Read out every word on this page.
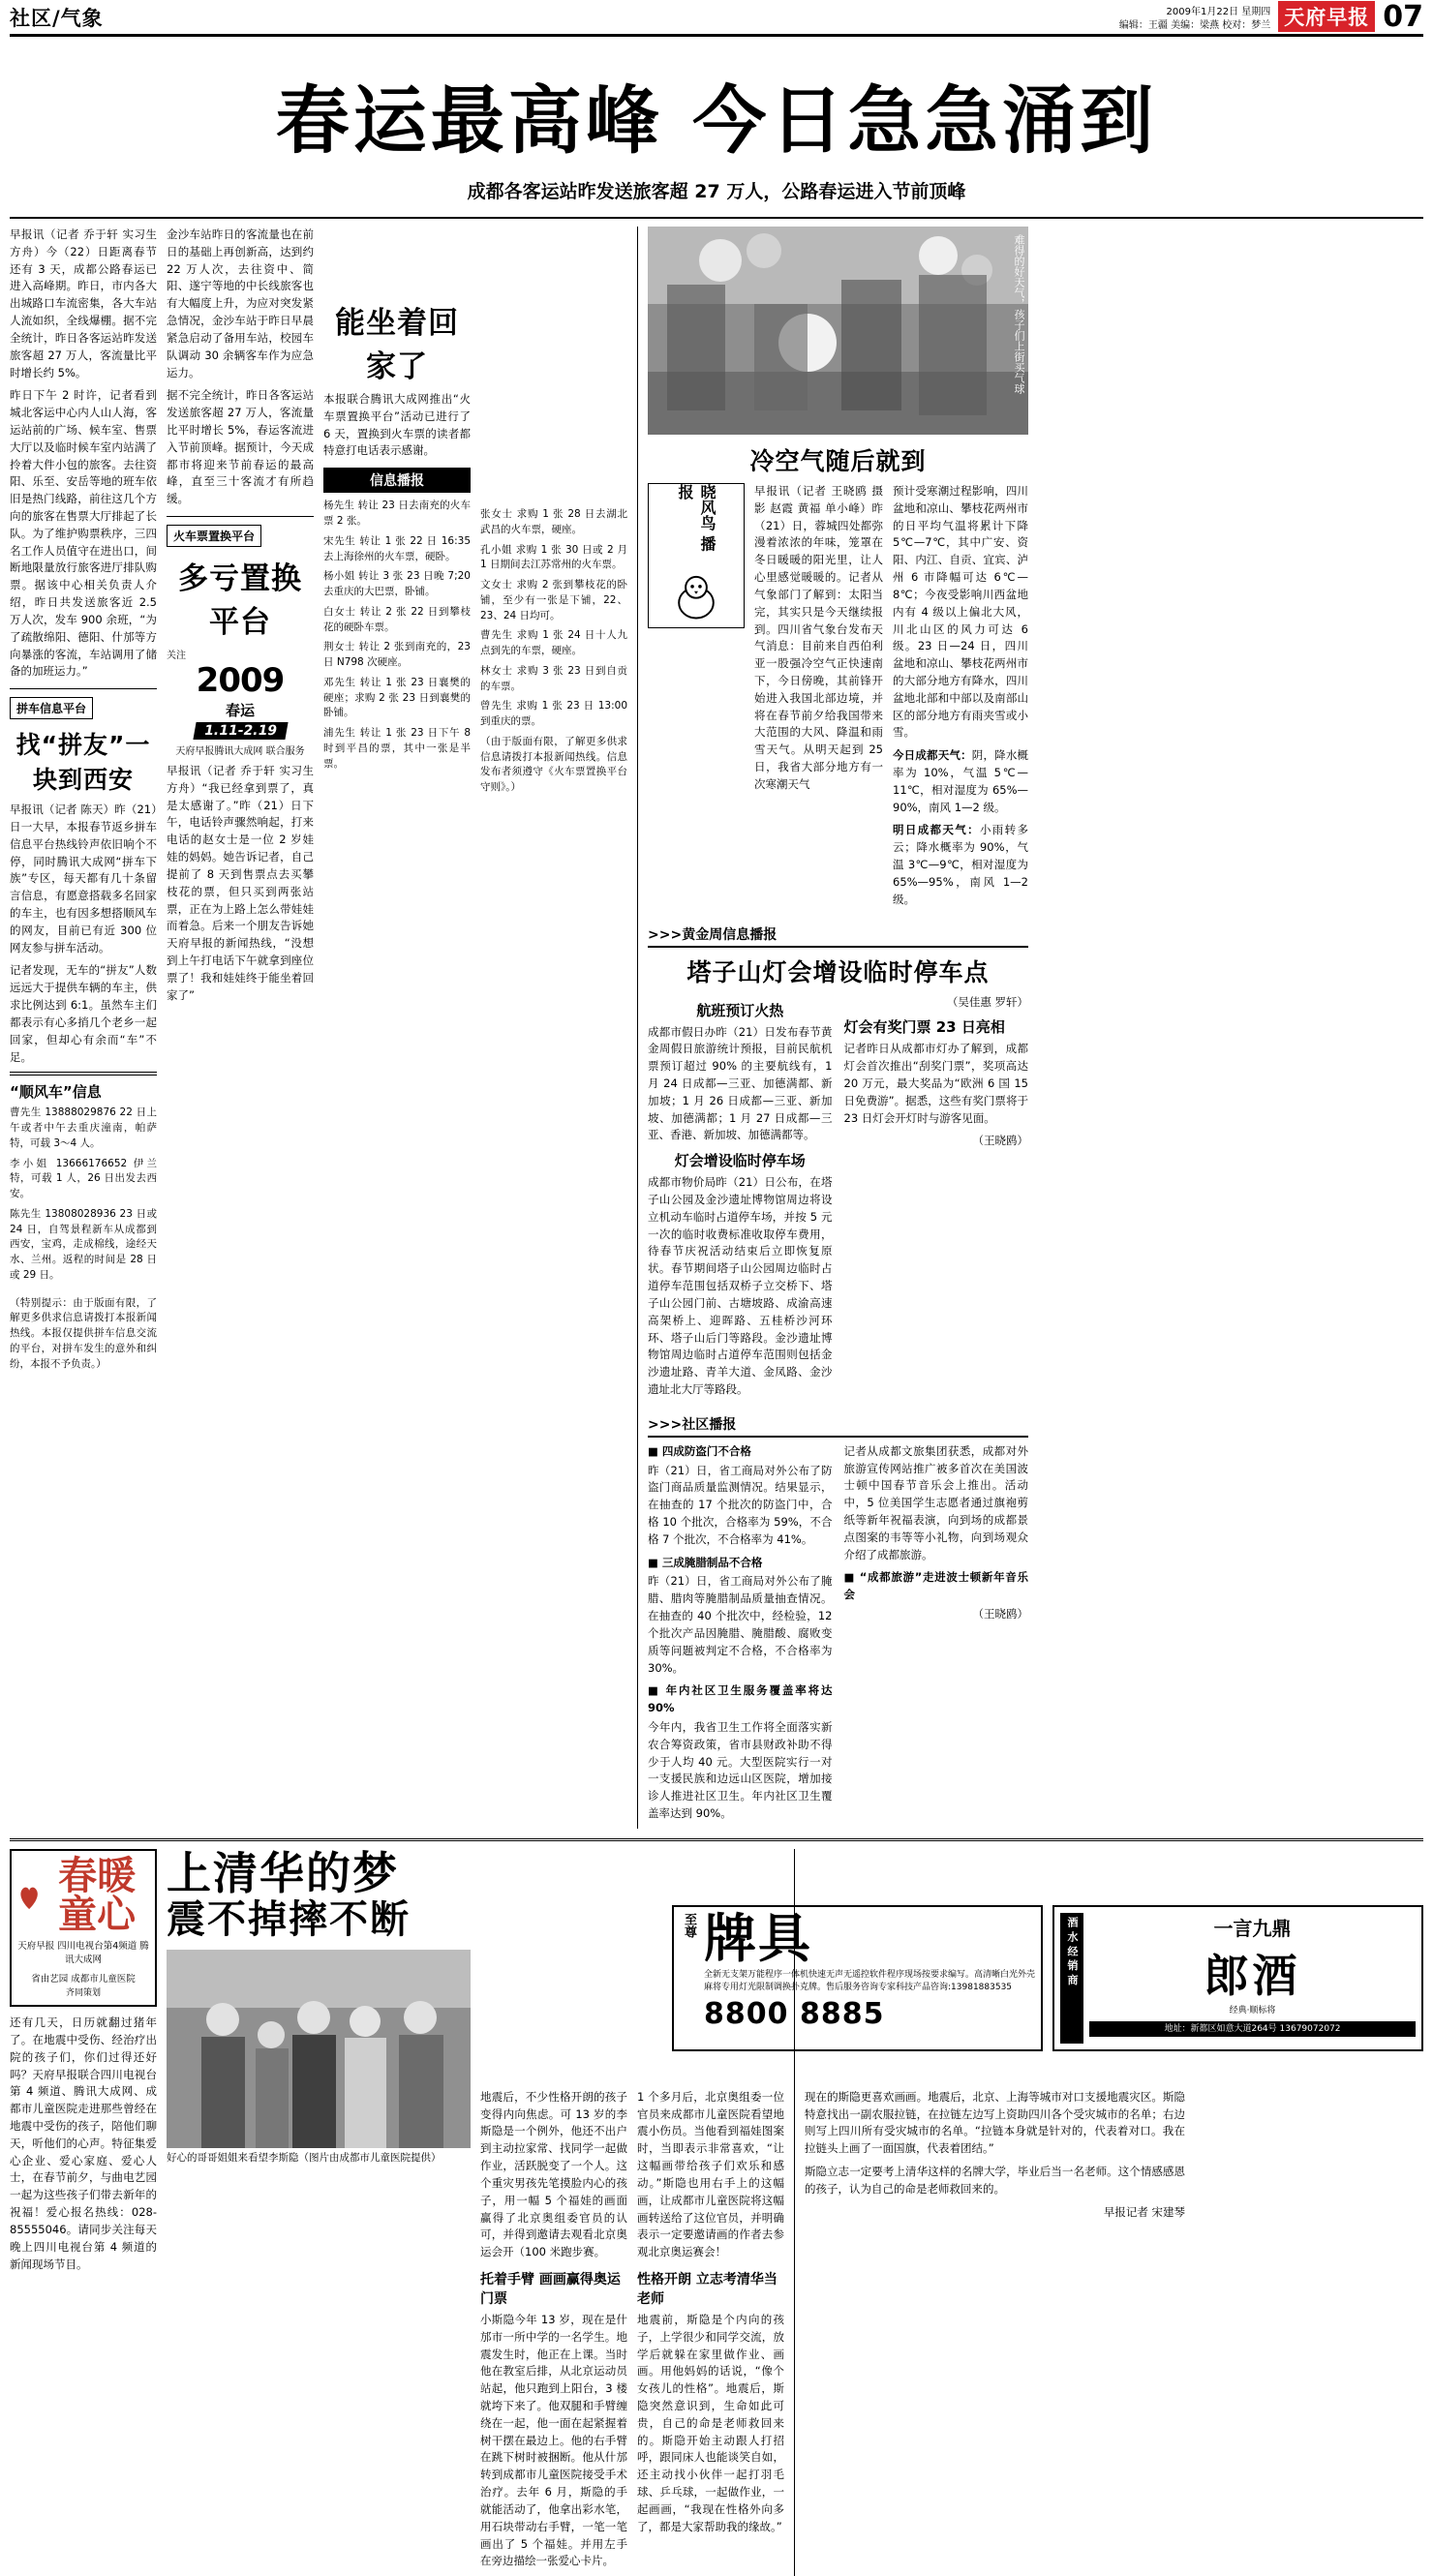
社区/气象	2009年1月22日 星期四
编辑：王疆 美编：梁燕 校对：梦兰 天府早报 07
春运最高峰 今日急急涌到
成都各客运站昨发送旅客超 27 万人，公路春运进入节前顶峰

早报讯（记者 乔于轩 实习生 方舟）今（22）日距离春节还有 3 天，成都公路春运已进入高峰期。昨日，市内各大出城路口车流密集，各大车站人流如织，全线爆棚。据不完全统计，昨日各客运站昨发送旅客超 27 万人，客流量比平时增长约 5%。

昨日下午 2 时许，记者看到城北客运中心内人山人海，客运站前的广场、候车室、售票大厅以及临时候车室内站满了拎着大件小包的旅客。去往资阳、乐至、安岳等地的班车依旧是热门线路，前往这几个方向的旅客在售票大厅排起了长队。为了维护购票秩序，三四名工作人员值守在进出口，间断地限量放行旅客进厅排队购票。据该中心相关负责人介绍，昨日共发送旅客近 2.5 万人次，发车 900 余班，“为了疏散绵阳、德阳、什邡等方向暴涨的客流，车站调用了储备的加班运力。”

拼车信息平台
找“拼友”一块到西安

早报讯（记者 陈天）昨（21）日一大早，本报春节返乡拼车信息平台热线铃声依旧响个不停，同时腾讯大成网“拼车下族”专区，每天都有几十条留言信息，有愿意搭载多名回家的车主，也有因多想搭顺风车的网友，目前已有近 300 位网友参与拼车活动。

记者发现，无车的“拼友”人数远远大于提供车辆的车主，供求比例达到 6:1。虽然车主们都表示有心多捎几个老乡一起回家，但却心有余而“车”不足。

“顺风车”信息

曹先生 13888029876 22 日上午或者中午去重庆潼南，帕萨特，可载 3～4 人。

李小姐 13666176652 伊兰特，可载 1 人，26 日出发去西安。

陈先生 13808028936 23 日或 24 日，自驾景程新车从成都到西安，宝鸡，走成棉线，途经天水、兰州。返程的时间是 28 日或 29 日。

（特别提示：由于版面有限，了解更多供求信息请拨打本报新闻热线。本报仅提供拼车信息交流的平台，对拼车发生的意外和纠纷，本报不予负责。）

金沙车站昨日的客流量也在前日的基础上再创新高，达到约 22 万人次，去往资中、简阳、遂宁等地的中长线旅客也有大幅度上升，为应对突发紧急情况，金沙车站于昨日早晨紧急启动了备用车站，校园车队调动 30 余辆客车作为应急运力。

据不完全统计，昨日各客运站发送旅客超 27 万人，客流量比平时增长 5%，春运客流进入节前顶峰。据预计，今天成都市将迎来节前春运的最高峰，直至三十客流才有所趋缓。

火车票置换平台
多亏置换平台
关注
2009
春运
1.11-2.19
天府早报腾讯大成网 联合服务

早报讯（记者 乔于轩 实习生 方舟）“我已经拿到票了，真是太感谢了。”昨（21）日下午，电话铃声骤然响起，打来电话的赵女士是一位 2 岁娃娃的妈妈。她告诉记者，自己提前了 8 天到售票点去买攀枝花的票，但只买到两张站票，正在为上路上怎么带娃娃而着急。后来一个朋友告诉她天府早报的新闻热线，“没想到上午打电话下午就拿到座位票了！我和娃娃终于能坐着回家了”

能坐着回家了

本报联合腾讯大成网推出“火车票置换平台”活动已进行了 6 天，置换到火车票的读者都特意打电话表示感谢。

信息播报

杨先生 转让 23 日去南充的火车票 2 张。

宋先生 转让 1 张 22 日 16:35 去上海徐州的火车票，硬卧。

杨小姐 转让 3 张 23 日晚 7;20 去重庆的大巴票，卧铺。

白女士 转让 2 张 22 日到攀枝花的硬卧车票。

荆女士 转让 2 张到南充的，23 日 N798 次硬座。

邓先生 转让 1 张 23 日襄樊的硬座；求购 2 张 23 日到襄樊的卧铺。

浦先生 转让 1 张 23 日下午 8 时到平昌的票，其中一张是半票。

张女士 求购 1 张 28 日去湖北武昌的火车票，硬座。

孔小姐 求购 1 张 30 日或 2 月 1 日期间去江苏常州的火车票。

文女士 求购 2 张到攀枝花的卧铺，至少有一张是下铺，22、23、24 日均可。

曹先生 求购 1 张 24 日十人九点到先的车票，硬座。

林女士 求购 3 张 23 日到自贡的车票。

曾先生 求购 1 张 23 日 13:00 到重庆的票。

（由于版面有限，了解更多供求信息请拨打本报新闻热线。信息发布者须遵守《火车票置换平台守则》。）

难得的好天气，孩子们上街买气球
冷空气随后就到
晓风鸟 播报	早报讯（记者 王晓鸥 摄影 赵霞 黄福 单小峰）昨（21）日，蓉城四处都弥漫着浓浓的年味，笼罩在冬日暖暖的阳光里，让人心里感觉暖暖的。记者从气象部门了解到：太阳当完，其实只是今天继续报到。四川省气象台发布天气消息：目前来自西伯利亚一股强冷空气正快速南下，今日傍晚，其前锋开始进入我国北部边境，并将在春节前夕给我国带来大范围的大风、降温和雨雪天气。从明天起到 25 日，我省大部分地方有一次寒潮天气

预计受寒潮过程影响，四川盆地和凉山、攀枝花两州市的日平均气温将累计下降 5℃—7℃，其中广安、资阳、内江、自贡、宜宾、泸州 6 市降幅可达 6℃—8℃；今夜受影响川西盆地内有 4 级以上偏北大风，川北山区的风力可达 6 级。23 日—24 日，四川盆地和凉山、攀枝花两州市的大部分地方有降水，四川盆地北部和中部以及南部山区的部分地方有雨夹雪或小雪。

今日成都天气：阴，降水概率为 10%，气温 5℃—11℃，相对湿度为 65%—90%，南风 1—2 级。

明日成都天气：小雨转多云；降水概率为 90%，气温 3℃—9℃，相对湿度为 65%—95%，南风 1—2 级。

>>>黄金周信息播报
塔子山灯会增设临时停车点
航班预订火热

成都市假日办昨（21）日发布春节黄金周假日旅游统计预报，目前民航机票预订超过 90% 的主要航线有，1 月 24 日成都—三亚、加德满都、新加坡；1 月 26 日成都—三亚、新加坡、加德满都；1 月 27 日成都—三亚、香港、新加坡、加德满都等。

灯会增设临时停车场

成都市物价局昨（21）日公布，在塔子山公园及金沙遗址博物馆周边将设立机动车临时占道停车场，并按 5 元一次的临时收费标准收取停车费用，待春节庆祝活动结束后立即恢复原状。春节期间塔子山公园周边临时占道停车范围包括双桥子立交桥下、塔子山公园门前、古塘坡路、成渝高速高架桥上、迎晖路、五桂桥沙河环环、塔子山后门等路段。金沙遗址博物馆周边临时占道停车范围则包括金沙遗址路、青羊大道、金凤路、金沙遗址北大厅等路段。

（吴佳惠 罗轩）

灯会有奖门票 23 日亮相

记者昨日从成都市灯办了解到，成都灯会首次推出“刮奖门票”，奖项高达 20 万元，最大奖品为“欧洲 6 国 15 日免费游”。据悉，这些有奖门票将于 23 日灯会开灯时与游客见面。

（王晓鸥）

>>>社区播报

■ 四成防盗门不合格

昨（21）日，省工商局对外公布了防盗门商品质量监测情况。结果显示，在抽查的 17 个批次的防盗门中，合格 10 个批次，合格率为 59%，不合格 7 个批次，不合格率为 41%。

■ 三成腌腊制品不合格

昨（21）日，省工商局对外公布了腌腊、腊肉等腌腊制品质量抽查情况。在抽查的 40 个批次中，经检验，12 个批次产品因腌腊、腌腊酸、腐败变质等问题被判定不合格，不合格率为 30%。

■ 年内社区卫生服务覆盖率将达 90%

今年内，我省卫生工作将全面落实新农合筹资政策，省市县财政补助不得少于人均 40 元。大型医院实行一对一支援民族和边远山区医院，增加接诊人推进社区卫生。年内社区卫生覆盖率达到 90%。

记者从成都文旅集团获悉，成都对外旅游宣传网站推广被多首次在美国波士顿中国春节音乐会上推出。活动中，5 位美国学生志愿者通过旗袍剪纸等新年祝福表演，向到场的成都景点图案的韦等等小礼物，向到场观众介绍了成都旅游。

■ “成都旅游”走进波士顿新年音乐会

（王晓鸥）

春暖童心
天府早报 四川电视台第4频道 腾讯大成网
省由艺园 成都市儿童医院
齐同策划

还有几天，日历就翻过猪年了。在地震中受伤、经治疗出院的孩子们，你们过得还好吗？天府早报联合四川电视台第 4 频道、腾讯大成网、成都市儿童医院走进那些曾经在地震中受伤的孩子，陪他们聊天，听他们的心声。特征集爱心企业、爱心家庭、爱心人士，在春节前夕，与曲电艺园一起为这些孩子们带去新年的祝福！爱心报名热线：028-85555046。请同步关注每天晚上四川电视台第 4 频道的新闻现场节目。

上清华的梦
震不掉摔不断
好心的哥哥姐姐来看望李斯隐（图片由成都市儿童医院提供）

地震后，不少性格开朗的孩子变得内向焦虑。可 13 岁的李斯隐是一个例外，他还不出户到主动拉家常、找同学一起做作业，活跃脱变了一个人。这个重灾男孩先笔摸脸内心的孩子，用一幅 5 个福娃的画面赢得了北京奥组委官员的认可，并得到邀请去观看北京奥运会开（100 米跑步赛。

托着手臂 画画赢得奥运门票

小斯隐今年 13 岁，现在是什邡市一所中学的一名学生。地震发生时，他正在上课。当时他在教室后排，从北京运动员站起，他只跑到上阳台，3 楼就垮下来了。他双腿和手臂缠绕在一起，他一面在起紧握着树干摆在最边上。他的右手臂在跳下树时被捆断。他从什邡转到成都市儿童医院接受手术治疗。去年 6 月，斯隐的手就能活动了，他拿出彩水笔，用石块带动右手臂，一笔一笔画出了 5 个福娃。并用左手在旁边描绘一张爱心卡片。

1 个多月后，北京奥组委一位官员来成都市儿童医院看望地震小伤员。当他看到福娃图案时，当即表示非常喜欢，“让这幅画带给孩子们欢乐和感动。”斯隐也用右手上的这幅画，让成都市儿童医院将这幅画转送给了这位官员，并明确表示一定要邀请画的作者去参观北京奥运赛会！

性格开朗 立志考清华当老师

地震前，斯隐是个内向的孩子，上学很少和同学交流，放学后就躲在家里做作业、画画。用他妈妈的话说，“像个女孩儿的性格”。地震后，斯隐突然意识到，生命如此可贵，自己的命是老师救回来的。斯隐开始主动跟人打招呼，跟同床人也能谈笑自如，还主动找小伙伴一起打羽毛球、乒乓球，一起做作业，一起画画，“我现在性格外向多了，都是大家帮助我的缘故。”

现在的斯隐更喜欢画画。地震后，北京、上海等城市对口支援地震灾区。斯隐特意找出一副农服拉链，在拉链左边写上资助四川各个受灾城市的名单；右边则写上四川所有受灾城市的名单。“拉链本身就是针对的，代表着对口。我在拉链头上画了一面国旗，代表着团结。”

斯隐立志一定要考上清华这样的名牌大学，毕业后当一名老师。这个情感感恩的孩子，认为自己的命是老师救回来的。

早报记者 宋建琴

至尊 牌具
全新无支架万能程序一体机快速无声无遥控软件程序现场按要求编写。高清晰白光外壳麻将专用灯光限制调换扑克牌。售后服务咨询专家科技产品咨询:13981883535
8800 8885
酒 水 经 销 商	一言九鼎
郎酒
经典·顺标将
地址：新都区如意大道264号 13679072072
